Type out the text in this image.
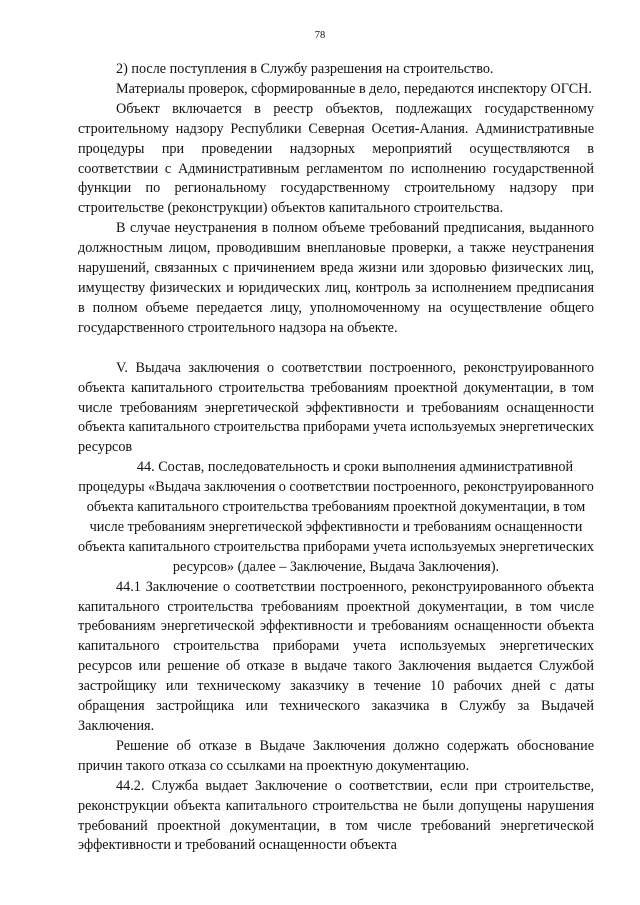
78

2) после поступления в Службу разрешения на строительство.

Материалы проверок, сформированные в дело, передаются инспектору ОГСН.

Объект включается в реестр объектов, подлежащих государственному строительному надзору Республики Северная Осетия-Алания. Административные процедуры при проведении надзорных мероприятий осуществляются в соответствии с Административным регламентом по исполнению государственной функции по региональному государственному строительному надзору при строительстве (реконструкции) объектов капитального строительства.

В случае неустранения в полном объеме требований предписания, выданного должностным лицом, проводившим внеплановые проверки, а также неустранения нарушений, связанных с причинением вреда жизни или здоровью физических лиц, имуществу физических и юридических лиц, контроль за исполнением предписания в полном объеме передается лицу, уполномоченному на осуществление общего государственного строительного надзора на объекте.

V. Выдача заключения о соответствии построенного, реконструированного объекта капитального строительства требованиям проектной документации, в том числе требованиям энергетической эффективности и требованиям оснащенности объекта капитального строительства приборами учета используемых энергетических ресурсов

44. Состав, последовательность и сроки выполнения административной процедуры «Выдача заключения о соответствии построенного, реконструированного объекта капитального строительства требованиям проектной документации, в том числе требованиям энергетической эффективности и требованиям оснащенности объекта капитального строительства приборами учета используемых энергетических ресурсов» (далее – Заключение, Выдача Заключения).

44.1 Заключение о соответствии построенного, реконструированного объекта капитального строительства требованиям проектной документации, в том числе требованиям энергетической эффективности и требованиям оснащенности объекта капитального строительства приборами учета используемых энергетических ресурсов или решение об отказе в выдаче такого Заключения выдается Службой застройщику или техническому заказчику в течение 10 рабочих дней с даты обращения застройщика или технического заказчика в Службу за Выдачей Заключения.

Решение об отказе в Выдаче Заключения должно содержать обоснование причин такого отказа со ссылками на проектную документацию.

44.2. Служба выдает Заключение о соответствии, если при строительстве, реконструкции объекта капитального строительства не были допущены нарушения требований проектной документации, в том числе требований энергетической эффективности и требований оснащенности объекта
